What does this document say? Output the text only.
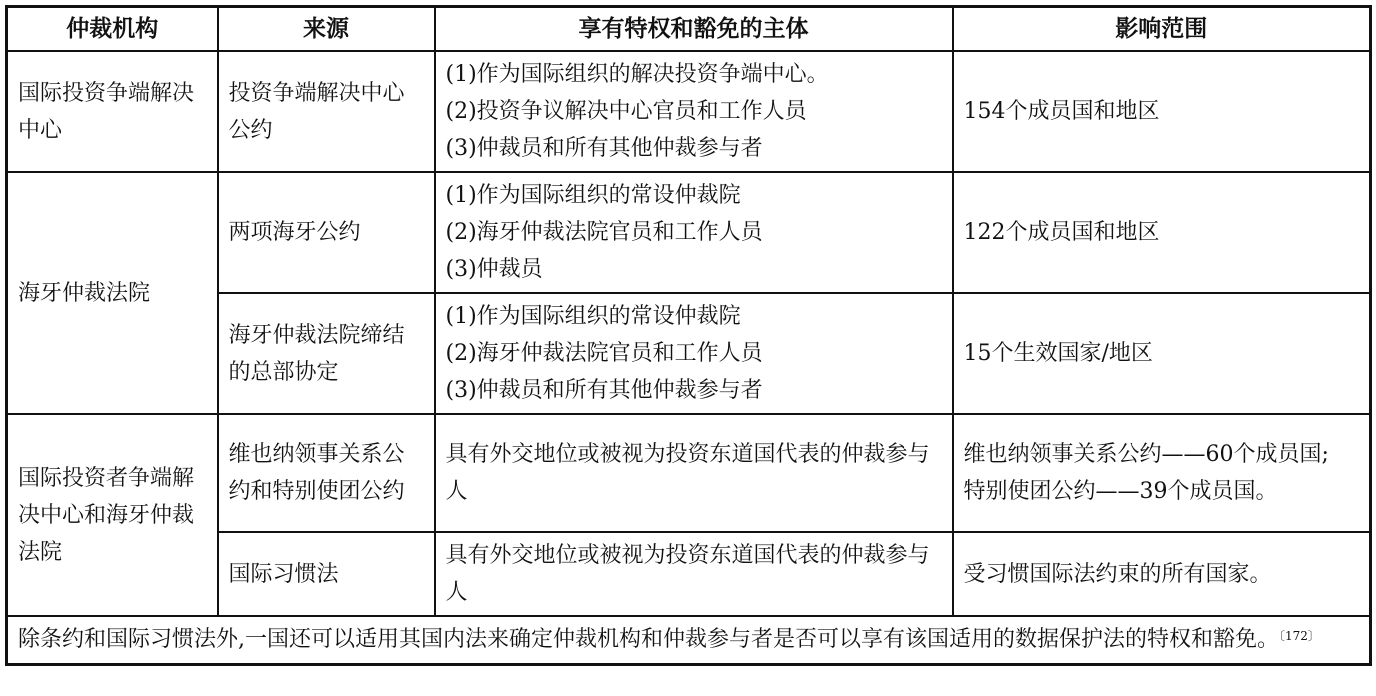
仲裁机构	来源	享有特权和豁免的主体	影响范围
国际投资争端解决中心	投资争端解决中心公约	(1)作为国际组织的解决投资争端中心。
(2)投资争议解决中心官员和工作人员
(3)仲裁员和所有其他仲裁参与者	154个成员国和地区
海牙仲裁法院	两项海牙公约	(1)作为国际组织的常设仲裁院
(2)海牙仲裁法院官员和工作人员
(3)仲裁员	122个成员国和地区
	海牙仲裁法院缔结的总部协定	(1)作为国际组织的常设仲裁院
(2)海牙仲裁法院官员和工作人员
(3)仲裁员和所有其他仲裁参与者	15个生效国家/地区
国际投资者争端解决中心和海牙仲裁法院	维也纳领事关系公约和特别使团公约	具有外交地位或被视为投资东道国代表的仲裁参与人	维也纳领事关系公约——60个成员国;
特别使团公约——39个成员国。
	国际习惯法	具有外交地位或被视为投资东道国代表的仲裁参与人	受习惯国际法约束的所有国家。
除条约和国际习惯法外,一国还可以适用其国内法来确定仲裁机构和仲裁参与者是否可以享有该国适用的数据保护法的特权和豁免。$^{〔172〕}$
